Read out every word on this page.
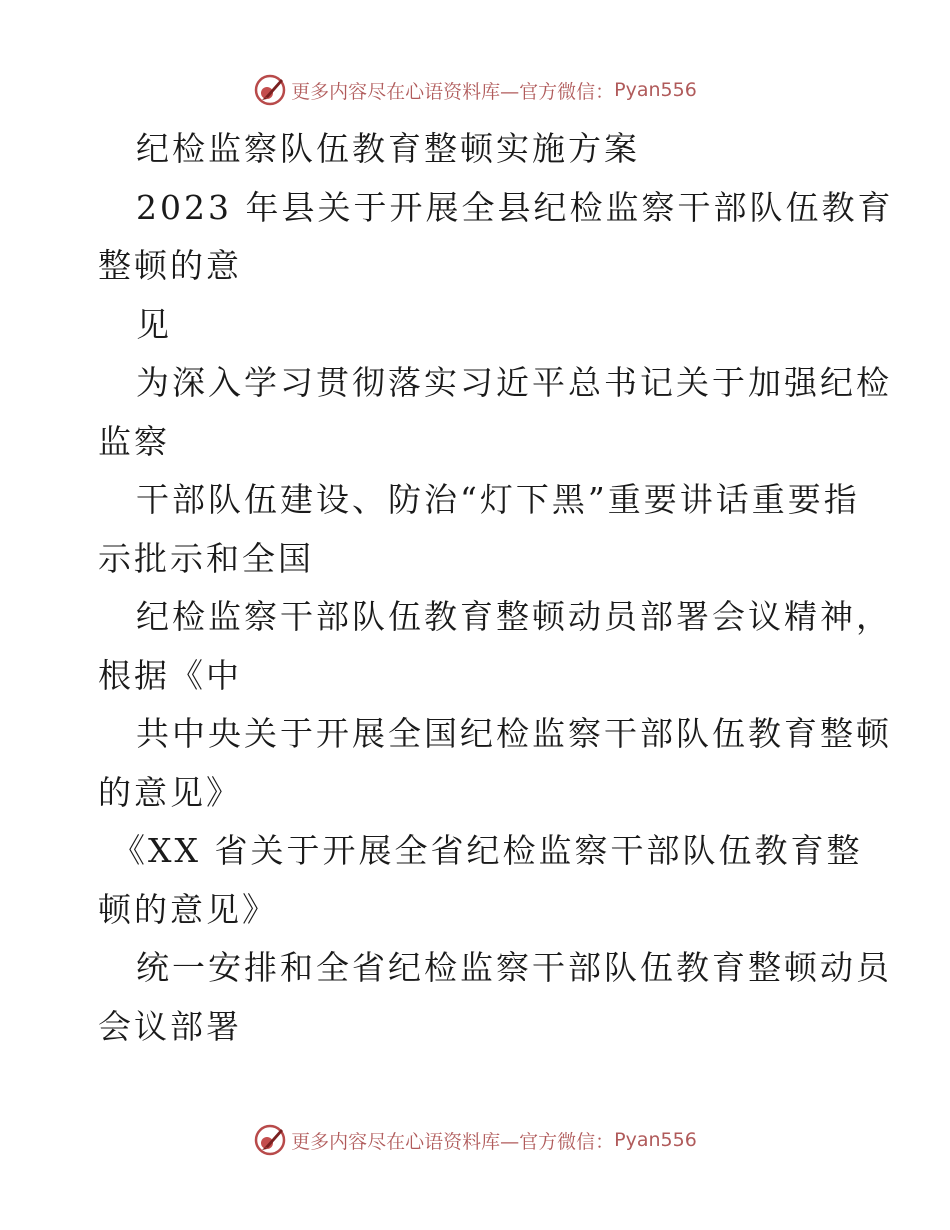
更多内容尽在心语资料库—官方微信： Pyan556
纪检监察队伍教育整顿实施方案
2023 年县关于开展全县纪检监察干部队伍教育
整顿的意
见
为深入学习贯彻落实习近平总书记关于加强纪检
监察
干部队伍建设、防治“灯下黑”重要讲话重要指
示批示和全国
纪检监察干部队伍教育整顿动员部署会议精神，
根据《中
共中央关于开展全国纪检监察干部队伍教育整顿
的意见》
《XX 省关于开展全省纪检监察干部队伍教育整
顿的意见》
统一安排和全省纪检监察干部队伍教育整顿动员
会议部署
更多内容尽在心语资料库—官方微信： Pyan556
